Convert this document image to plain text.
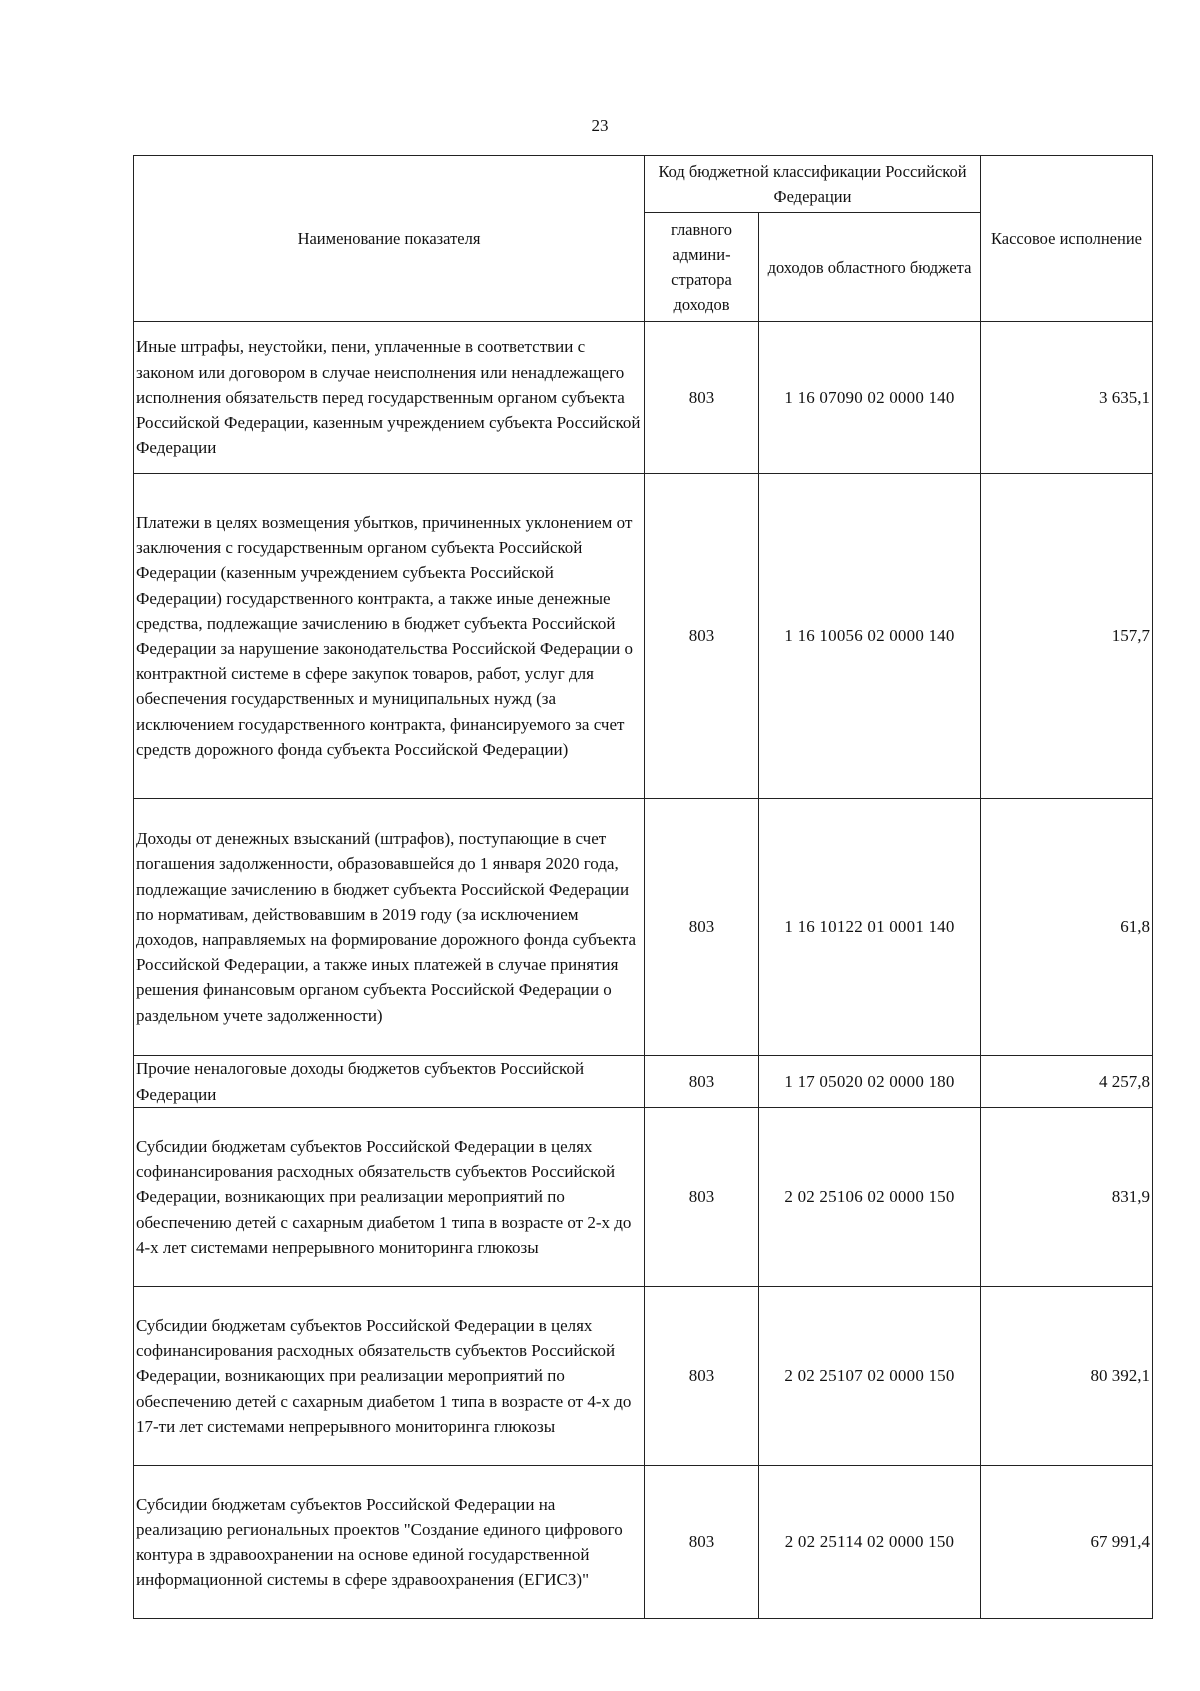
23
Наименование показателя	Код бюджетной классификации Российской Федерации		Кассовое исполнение
	главного админи- стратора доходов	доходов областного бюджета	
Иные штрафы, неустойки, пени, уплаченные в соответствии с законом или договором в случае неисполнения или ненадлежащего исполнения обязательств перед государственным органом субъекта Российской Федерации, казенным учреждением субъекта Российской Федерации	803	1 16 07090 02 0000 140	3 635,1
Платежи в целях возмещения убытков, причиненных уклонением от заключения с государственным органом субъекта Российской Федерации (казенным учреждением субъекта Российской Федерации) государственного контракта, а также иные денежные средства, подлежащие зачислению в бюджет субъекта Российской Федерации за нарушение законодательства Российской Федерации о контрактной системе в сфере закупок товаров, работ, услуг для обеспечения государственных и муниципальных нужд (за исключением государственного контракта, финансируемого за счет средств дорожного фонда субъекта Российской Федерации)	803	1 16 10056 02 0000 140	157,7
Доходы от денежных взысканий (штрафов), поступающие в счет погашения задолженности, образовавшейся до 1 января 2020 года, подлежащие зачислению в бюджет субъекта Российской Федерации по нормативам, действовавшим в 2019 году (за исключением доходов, направляемых на формирование дорожного фонда субъекта Российской Федерации, а также иных платежей в случае принятия решения финансовым органом субъекта Российской Федерации о раздельном учете задолженности)	803	1 16 10122 01 0001 140	61,8
Прочие неналоговые доходы бюджетов субъектов Российской Федерации	803	1 17 05020 02 0000 180	4 257,8
Субсидии бюджетам субъектов Российской Федерации в целях софинансирования расходных обязательств субъектов Российской Федерации, возникающих при реализации мероприятий по обеспечению детей с сахарным диабетом 1 типа в возрасте от 2-х до 4-х лет системами непрерывного мониторинга глюкозы	803	2 02 25106 02 0000 150	831,9
Субсидии бюджетам субъектов Российской Федерации в целях софинансирования расходных обязательств субъектов Российской Федерации, возникающих при реализации мероприятий по обеспечению детей с сахарным диабетом 1 типа в возрасте от 4-х до 17-ти лет системами непрерывного мониторинга глюкозы	803	2 02 25107 02 0000 150	80 392,1
Субсидии бюджетам субъектов Российской Федерации на реализацию региональных проектов "Создание единого цифрового контура в здравоохранении на основе единой государственной информационной системы в сфере здравоохранения (ЕГИСЗ)"	803	2 02 25114 02 0000 150	67 991,4
